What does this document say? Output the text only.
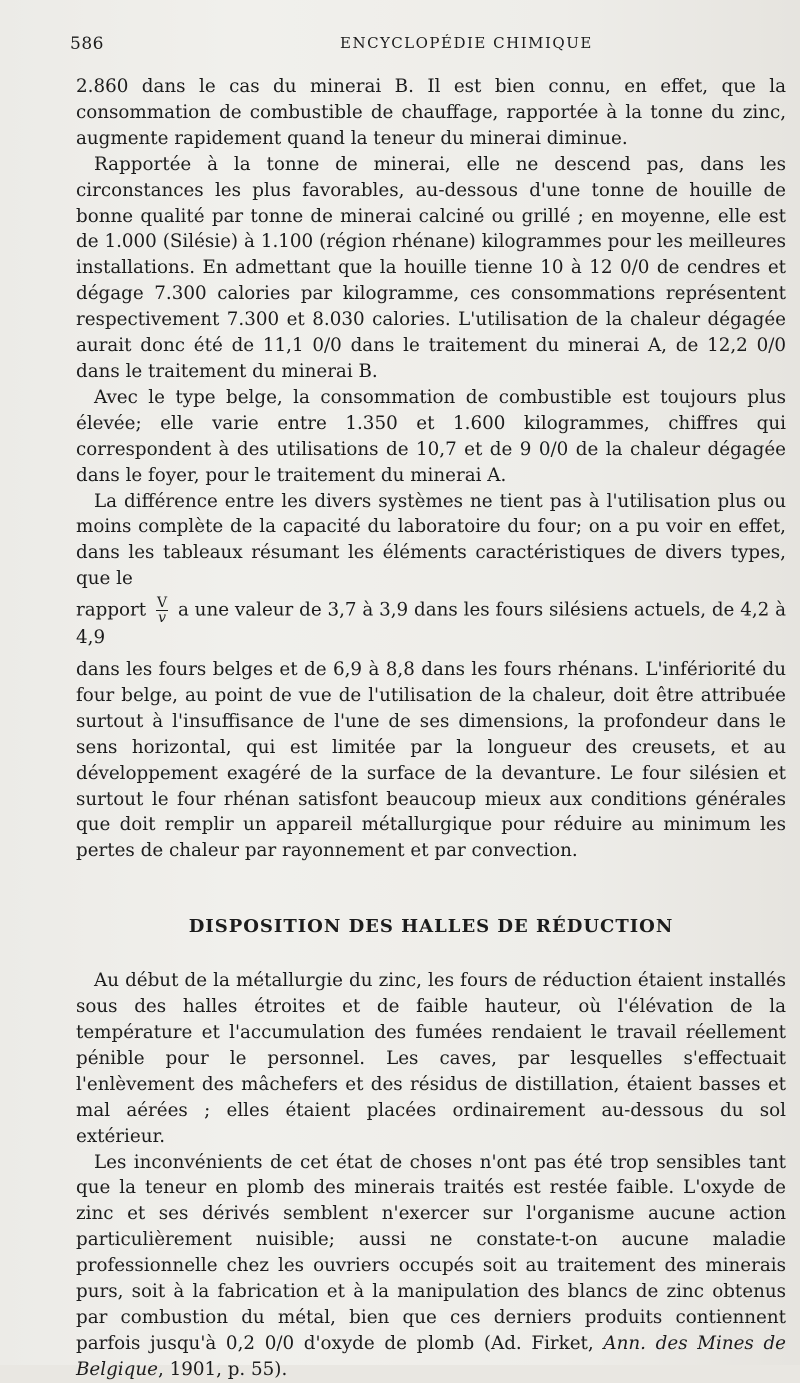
586	ENCYCLOPÉDIE CHIMIQUE

2.860 dans le cas du minerai B. Il est bien connu, en effet, que la consommation de combustible de chauffage, rapportée à la tonne du zinc, augmente rapidement quand la teneur du minerai diminue.

Rapportée à la tonne de minerai, elle ne descend pas, dans les circonstances les plus favorables, au-dessous d'une tonne de houille de bonne qualité par tonne de minerai calciné ou grillé ; en moyenne, elle est de 1.000 (Silésie) à 1.100 (région rhénane) kilogrammes pour les meilleures installations. En admettant que la houille tienne 10 à 12 0/0 de cendres et dégage 7.300 calories par kilogramme, ces consommations représentent respectivement 7.300 et 8.030 calories. L'utilisation de la chaleur dégagée aurait donc été de 11,1 0/0 dans le traitement du minerai A, de 12,2 0/0 dans le traitement du minerai B.

Avec le type belge, la consommation de combustible est toujours plus élevée; elle varie entre 1.350 et 1.600 kilogrammes, chiffres qui correspondent à des utilisations de 10,7 et de 9 0/0 de la chaleur dégagée dans le foyer, pour le traitement du minerai A.

La différence entre les divers systèmes ne tient pas à l'utilisation plus ou moins complète de la capacité du laboratoire du four; on a pu voir en effet, dans les tableaux résumant les éléments caractéristiques de divers types, que le

rapport $\frac{V}{v}$ a une valeur de 3,7 à 3,9 dans les fours silésiens actuels, de 4,2 à 4,9

dans les fours belges et de 6,9 à 8,8 dans les fours rhénans. L'infériorité du four belge, au point de vue de l'utilisation de la chaleur, doit être attribuée surtout à l'insuffisance de l'une de ses dimensions, la profondeur dans le sens horizontal, qui est limitée par la longueur des creusets, et au développement exagéré de la surface de la devanture. Le four silésien et surtout le four rhénan satisfont beaucoup mieux aux conditions générales que doit remplir un appareil métallurgique pour réduire au minimum les pertes de chaleur par rayonnement et par convection.

DISPOSITION DES HALLES DE RÉDUCTION

Au début de la métallurgie du zinc, les fours de réduction étaient installés sous des halles étroites et de faible hauteur, où l'élévation de la température et l'accumulation des fumées rendaient le travail réellement pénible pour le personnel. Les caves, par lesquelles s'effectuait l'enlèvement des mâchefers et des résidus de distillation, étaient basses et mal aérées ; elles étaient placées ordinairement au-dessous du sol extérieur.

Les inconvénients de cet état de choses n'ont pas été trop sensibles tant que la teneur en plomb des minerais traités est restée faible. L'oxyde de zinc et ses dérivés semblent n'exercer sur l'organisme aucune action particulièrement nuisible; aussi ne constate-t-on aucune maladie professionnelle chez les ouvriers occupés soit au traitement des minerais purs, soit à la fabrication et à la manipulation des blancs de zinc obtenus par combustion du métal, bien que ces derniers produits contiennent parfois jusqu'à 0,2 0/0 d'oxyde de plomb (Ad. Firket, Ann. des Mines de Belgique, 1901, p. 55).
